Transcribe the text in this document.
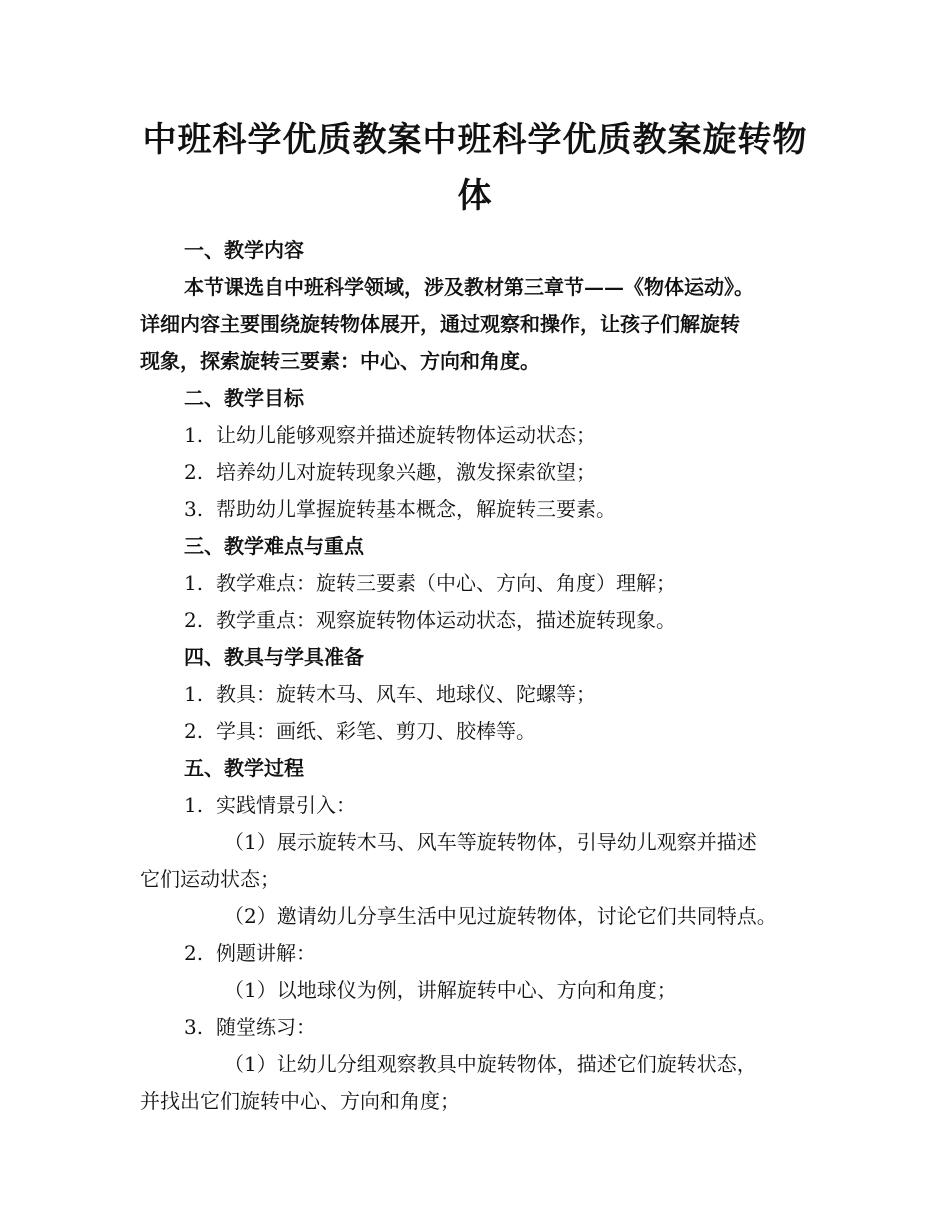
中班科学优质教案中班科学优质教案旋转物
体
一、教学内容
本节课选自中班科学领域，涉及教材第三章节——《物体运动》。
详细内容主要围绕旋转物体展开，通过观察和操作，让孩子们解旋转
现象，探索旋转三要素：中心、方向和角度。
二、教学目标
1. 让幼儿能够观察并描述旋转物体运动状态；
2. 培养幼儿对旋转现象兴趣，激发探索欲望；
3. 帮助幼儿掌握旋转基本概念，解旋转三要素。
三、教学难点与重点
1. 教学难点：旋转三要素（中心、方向、角度）理解；
2. 教学重点：观察旋转物体运动状态，描述旋转现象。
四、教具与学具准备
1. 教具：旋转木马、风车、地球仪、陀螺等；
2. 学具：画纸、彩笔、剪刀、胶棒等。
五、教学过程
1. 实践情景引入：
（1）展示旋转木马、风车等旋转物体，引导幼儿观察并描述
它们运动状态；
（2）邀请幼儿分享生活中见过旋转物体，讨论它们共同特点。
2. 例题讲解：
（1）以地球仪为例，讲解旋转中心、方向和角度；
3. 随堂练习：
（1）让幼儿分组观察教具中旋转物体，描述它们旋转状态，
并找出它们旋转中心、方向和角度；
